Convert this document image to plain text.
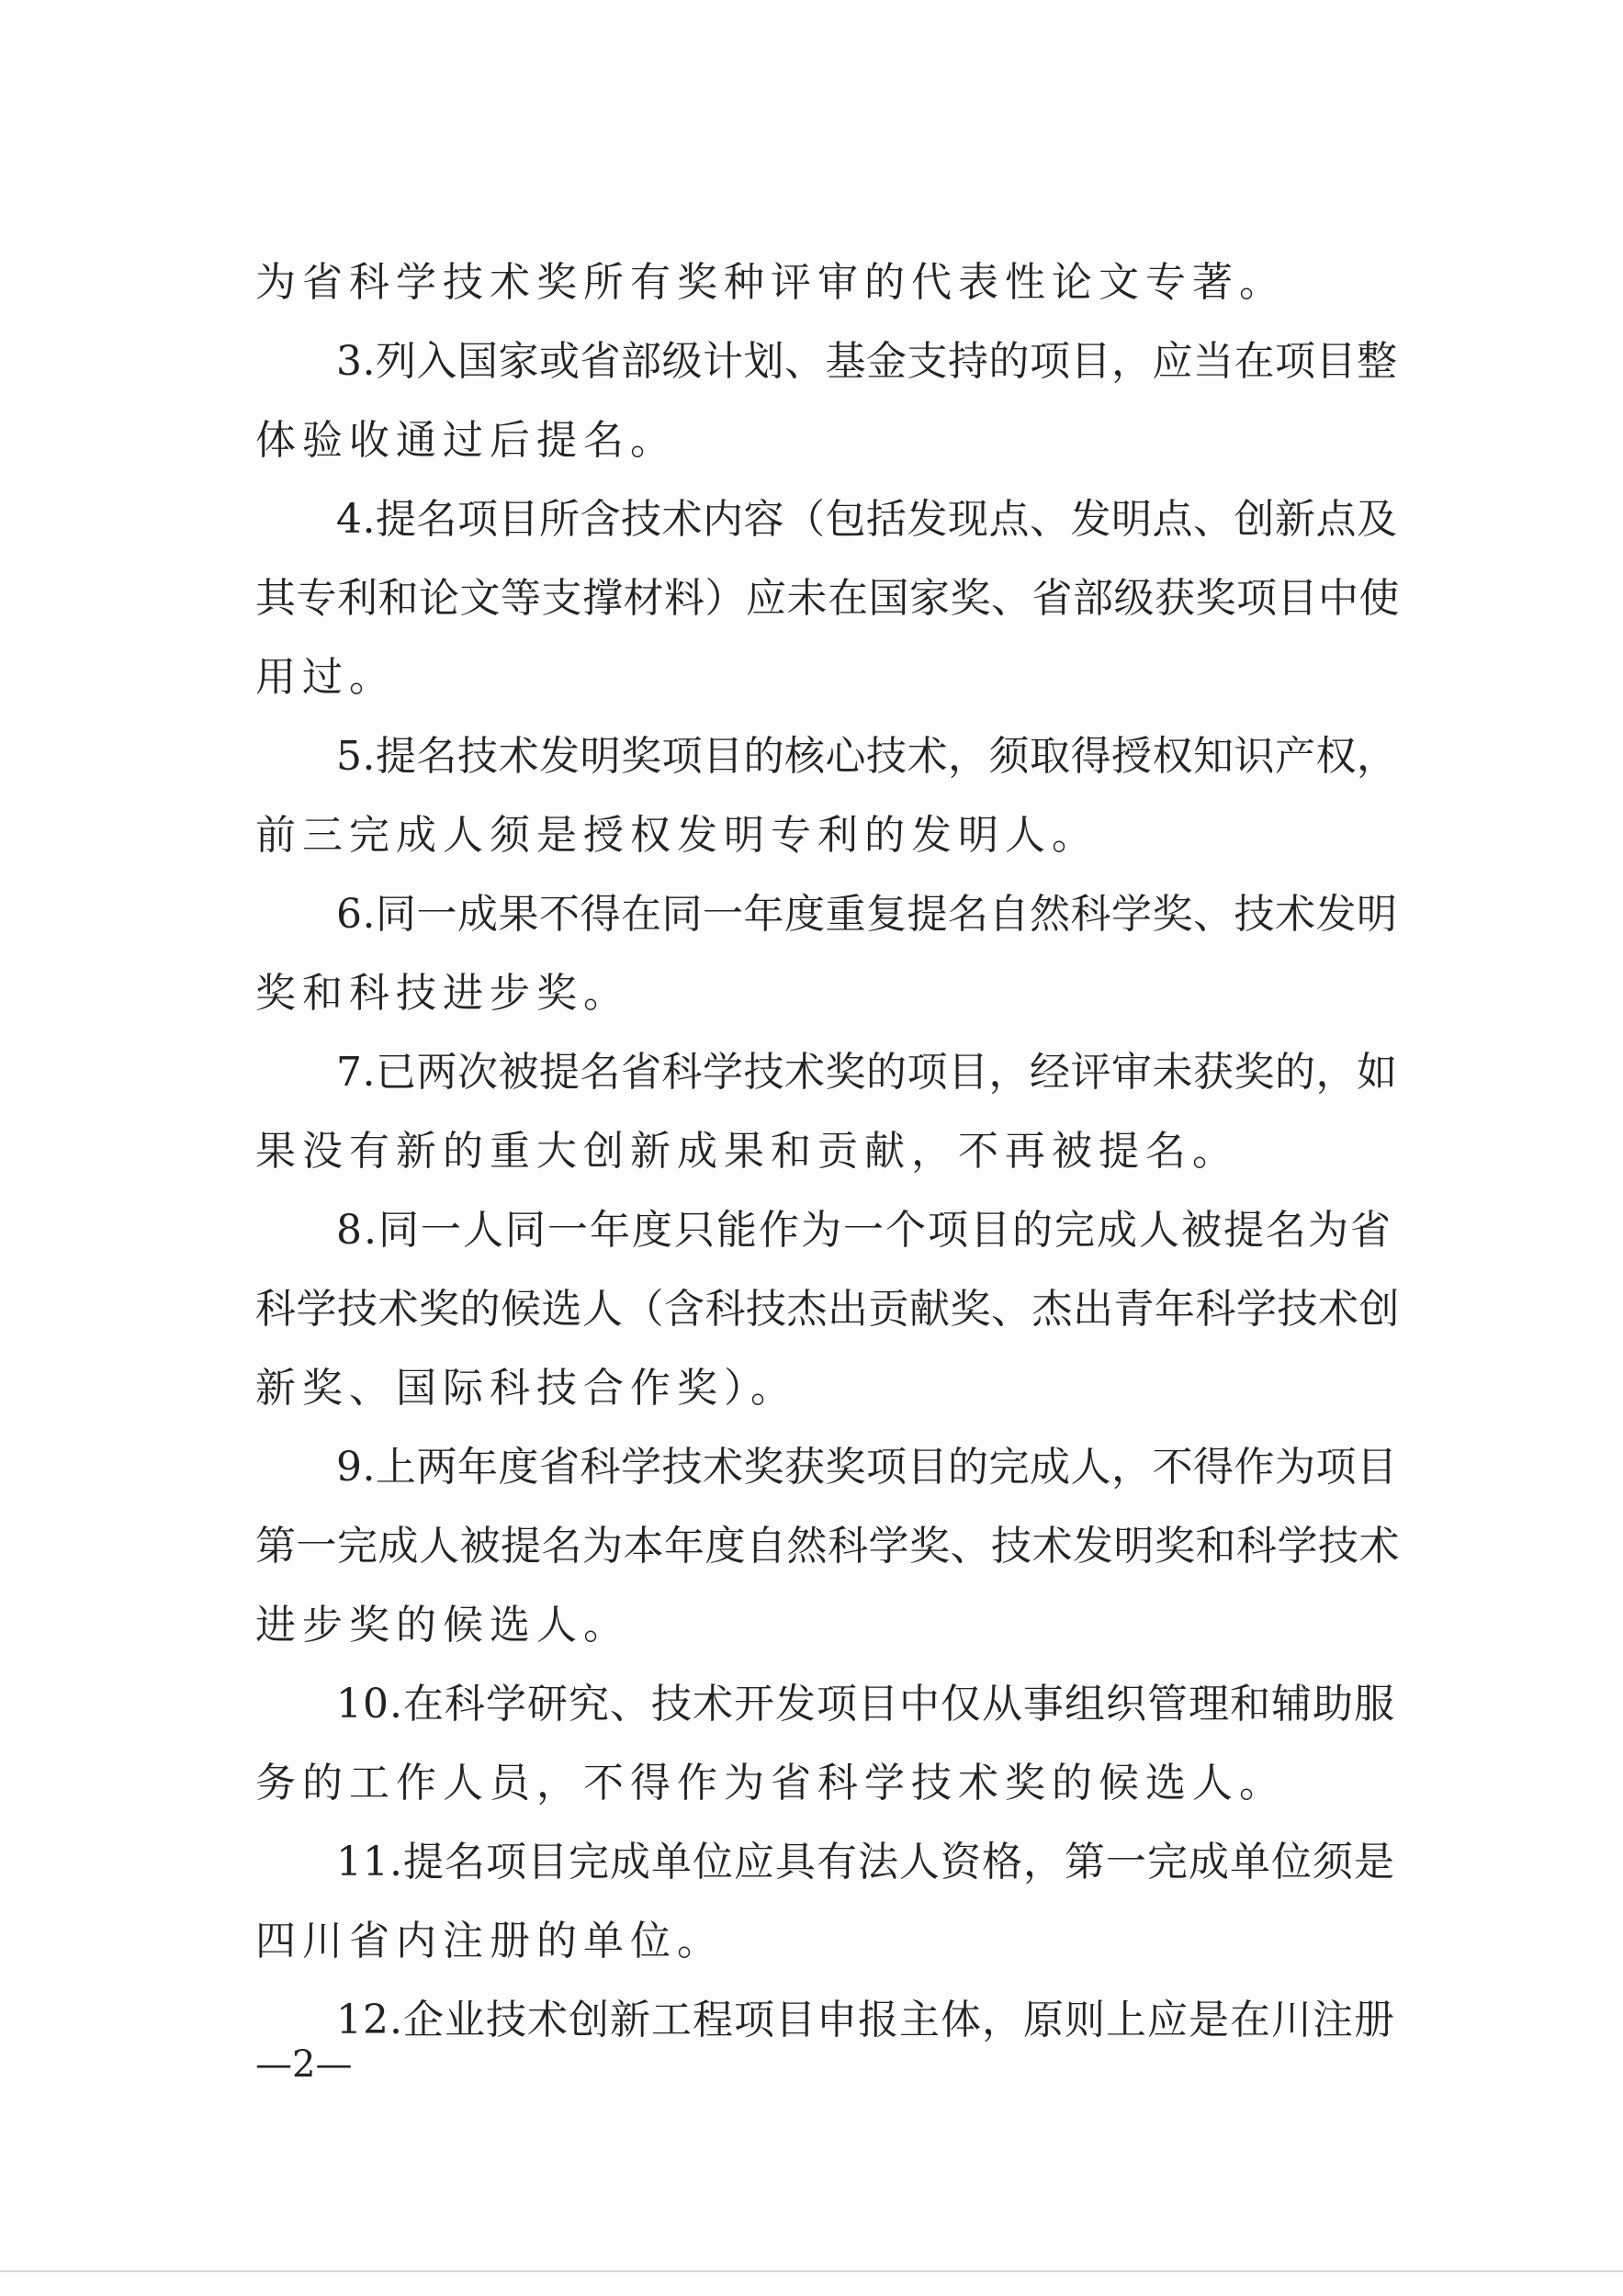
为省科学技术奖所有奖种评审的代表性论文专著。
3.列入国家或省部级计划、基金支持的项目，应当在项目整
体验收通过后提名。
4.提名项目所含技术内容（包括发现点、发明点、创新点及
其专利和论文等支撑材料）应未在国家奖、省部级获奖项目中使
用过。
5.提名技术发明奖项目的核心技术，须取得授权知识产权，
前三完成人须是授权发明专利的发明人。
6.同一成果不得在同一年度重复提名自然科学奖、技术发明
奖和科技进步奖。
7.已两次被提名省科学技术奖的项目，经评审未获奖的，如
果没有新的重大创新成果和贡献，不再被提名。
8.同一人同一年度只能作为一个项目的完成人被提名为省
科学技术奖的候选人（含科技杰出贡献奖、杰出青年科学技术创
新奖、国际科技合作奖）。
9.上两年度省科学技术奖获奖项目的完成人，不得作为项目
第一完成人被提名为本年度自然科学奖、技术发明奖和科学技术
进步奖的候选人。
10.在科学研究、技术开发项目中仅从事组织管理和辅助服
务的工作人员，不得作为省科学技术奖的候选人。
11.提名项目完成单位应具有法人资格，第一完成单位须是
四川省内注册的单位。
12.企业技术创新工程项目申报主体，原则上应是在川注册
—2—
